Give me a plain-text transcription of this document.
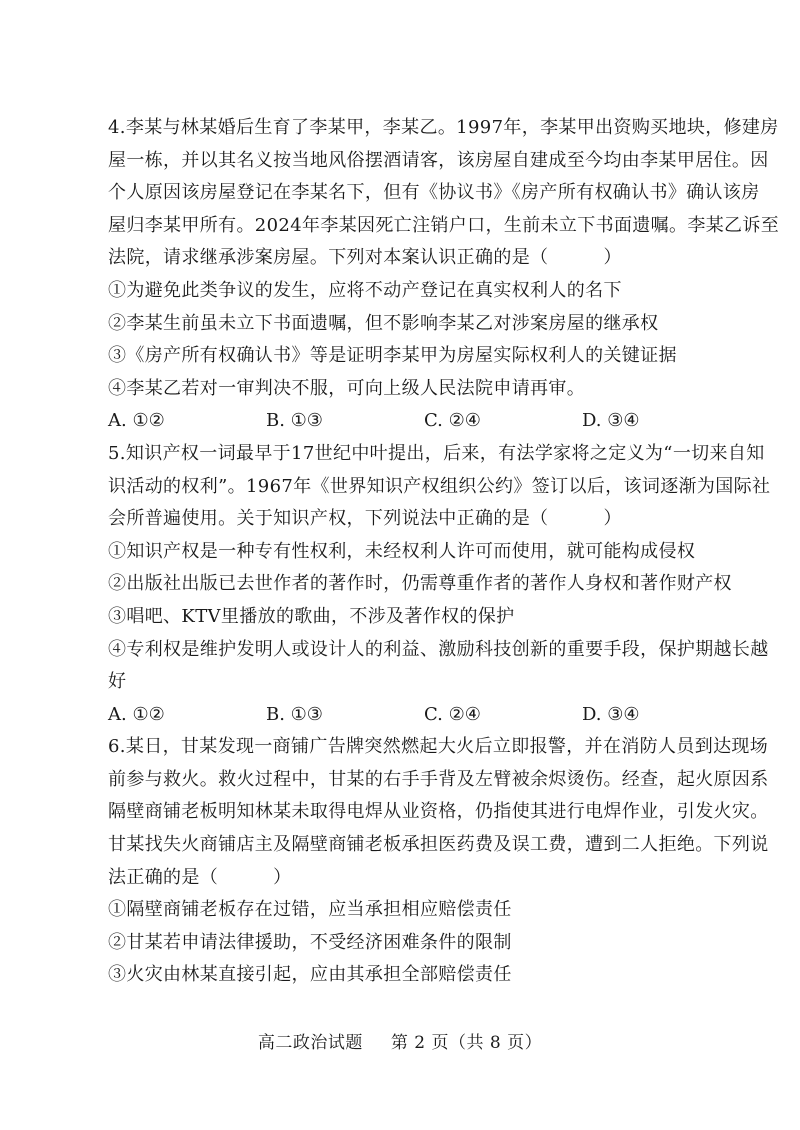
4.李某与林某婚后生育了李某甲，李某乙。1997年，李某甲出资购买地块，修建房
屋一栋，并以其名义按当地风俗摆酒请客，该房屋自建成至今均由李某甲居住。因
个人原因该房屋登记在李某名下，但有《协议书》《房产所有权确认书》确认该房
屋归李某甲所有。2024年李某因死亡注销户口，生前未立下书面遗嘱。李某乙诉至
法院，请求继承涉案房屋。下列对本案认识正确的是（　　　）
①为避免此类争议的发生，应将不动产登记在真实权利人的名下
②李某生前虽未立下书面遗嘱，但不影响李某乙对涉案房屋的继承权
③《房产所有权确认书》等是证明李某甲为房屋实际权利人的关键证据
④李某乙若对一审判决不服，可向上级人民法院申请再审。
A. ①②	B. ①③	C. ②④	D. ③④
5.知识产权一词最早于17世纪中叶提出，后来，有法学家将之定义为“一切来自知
识活动的权利”。1967年《世界知识产权组织公约》签订以后，该词逐渐为国际社
会所普遍使用。关于知识产权，下列说法中正确的是（　　　）
①知识产权是一种专有性权利，未经权利人许可而使用，就可能构成侵权
②出版社出版已去世作者的著作时，仍需尊重作者的著作人身权和著作财产权
③唱吧、KTV里播放的歌曲，不涉及著作权的保护
④专利权是维护发明人或设计人的利益、激励科技创新的重要手段，保护期越长越
好
A. ①②	B. ①③	C. ②④	D. ③④
6.某日，甘某发现一商铺广告牌突然燃起大火后立即报警，并在消防人员到达现场
前参与救火。救火过程中，甘某的右手手背及左臂被余烬烫伤。经查，起火原因系
隔壁商铺老板明知林某未取得电焊从业资格，仍指使其进行电焊作业，引发火灾。
甘某找失火商铺店主及隔壁商铺老板承担医药费及误工费，遭到二人拒绝。下列说
法正确的是（　　　）
①隔壁商铺老板存在过错，应当承担相应赔偿责任
②甘某若申请法律援助，不受经济困难条件的限制
③火灾由林某直接引起，应由其承担全部赔偿责任
高二政治试题 第 2 页（共 8 页）
